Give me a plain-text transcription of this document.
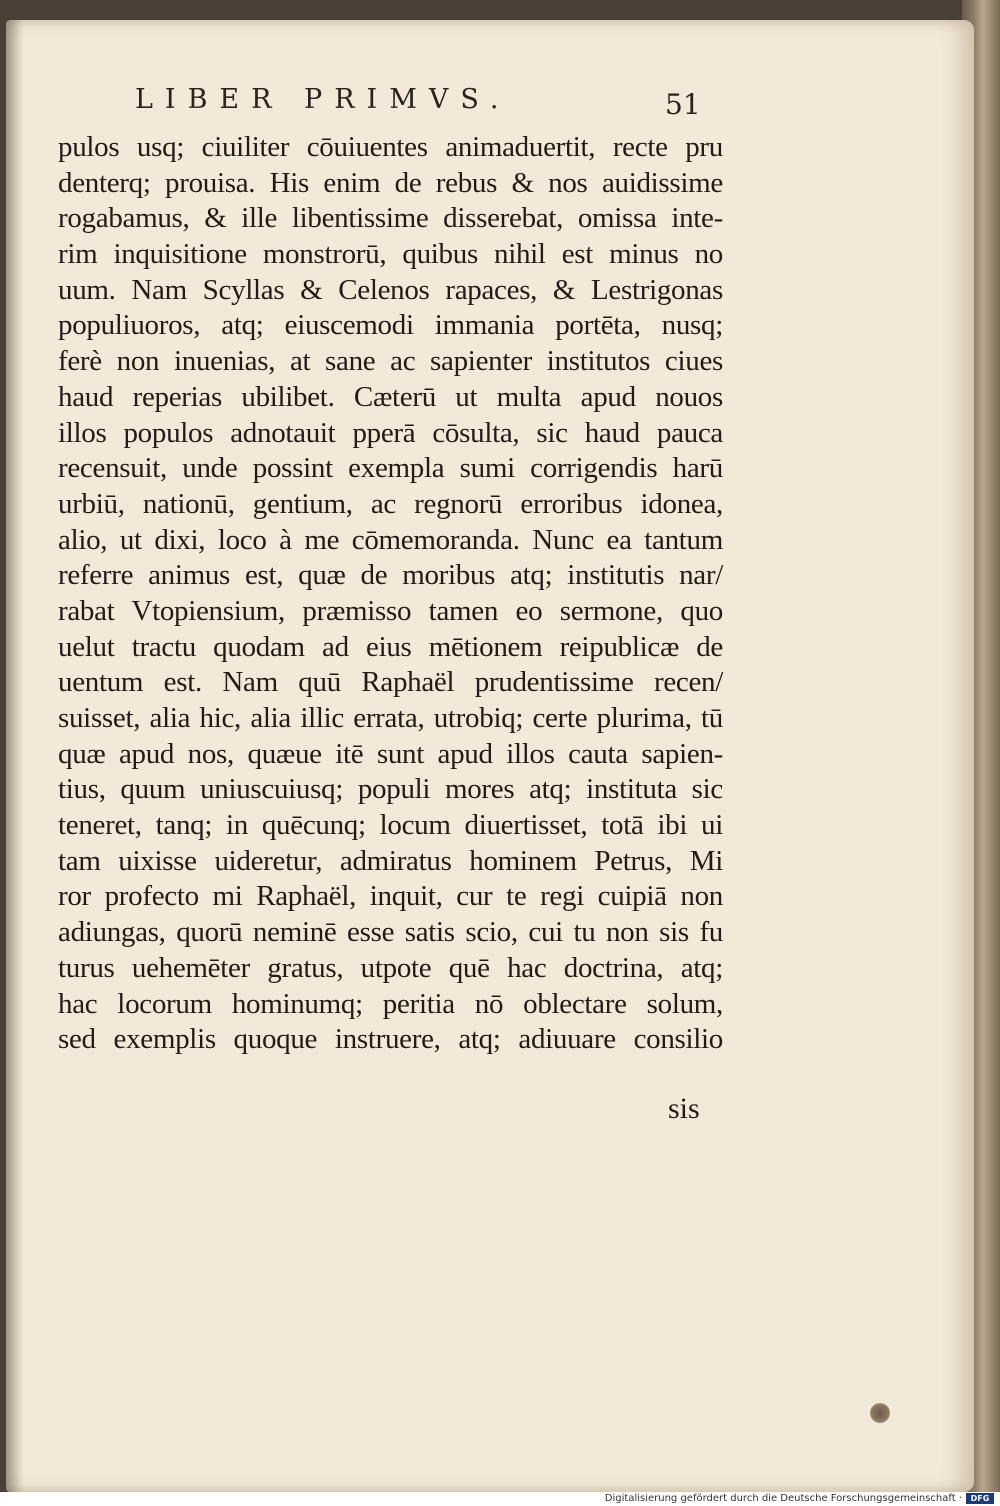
LIBER PRIMVS.	51
pulos usq; ciuiliter cōuiuentes animaduertit, recte pru
denterq; prouisa. His enim de rebus & nos auidissime
rogabamus, & ille libentissime disserebat, omissa inte-
rim inquisitione monstrorū, quibus nihil est minus no
uum. Nam Scyllas & Celenos rapaces, & Lestrigonas
populiuoros, atq; eiuscemodi immania portēta, nusq;
ferè non inuenias, at sane ac sapienter institutos ciues
haud reperias ubilibet. Cæterū ut multa apud nouos
illos populos adnotauit pperā cōsulta, sic haud pauca
recensuit, unde possint exempla sumi corrigendis harū
urbiū, nationū, gentium, ac regnorū erroribus idonea,
alio, ut dixi, loco à me cōmemoranda. Nunc ea tantum
referre animus est, quæ de moribus atq; institutis nar/
rabat Vtopiensium, præmisso tamen eo sermone, quo
uelut tractu quodam ad eius mētionem reipublicæ de
uentum est. Nam quū Raphaël prudentissime recen/
suisset, alia hic, alia illic errata, utrobiq; certe plurima, tū
quæ apud nos, quæue itē sunt apud illos cauta sapien-
tius, quum uniuscuiusq; populi mores atq; instituta sic
teneret, tanq; in quēcunq; locum diuertisset, totā ibi ui
tam uixisse uideretur, admiratus hominem Petrus, Mi
ror profecto mi Raphaël, inquit, cur te regi cuipiā non
adiungas, quorū neminē esse satis scio, cui tu non sis fu
turus uehemēter gratus, utpote quē hac doctrina, atq;
hac locorum hominumq; peritia nō oblectare solum,
sed exemplis quoque instruere, atq; adiuuare consilio
sis
Digitalisierung gefördert durch die Deutsche Forschungsgemeinschaft ·	DFG
